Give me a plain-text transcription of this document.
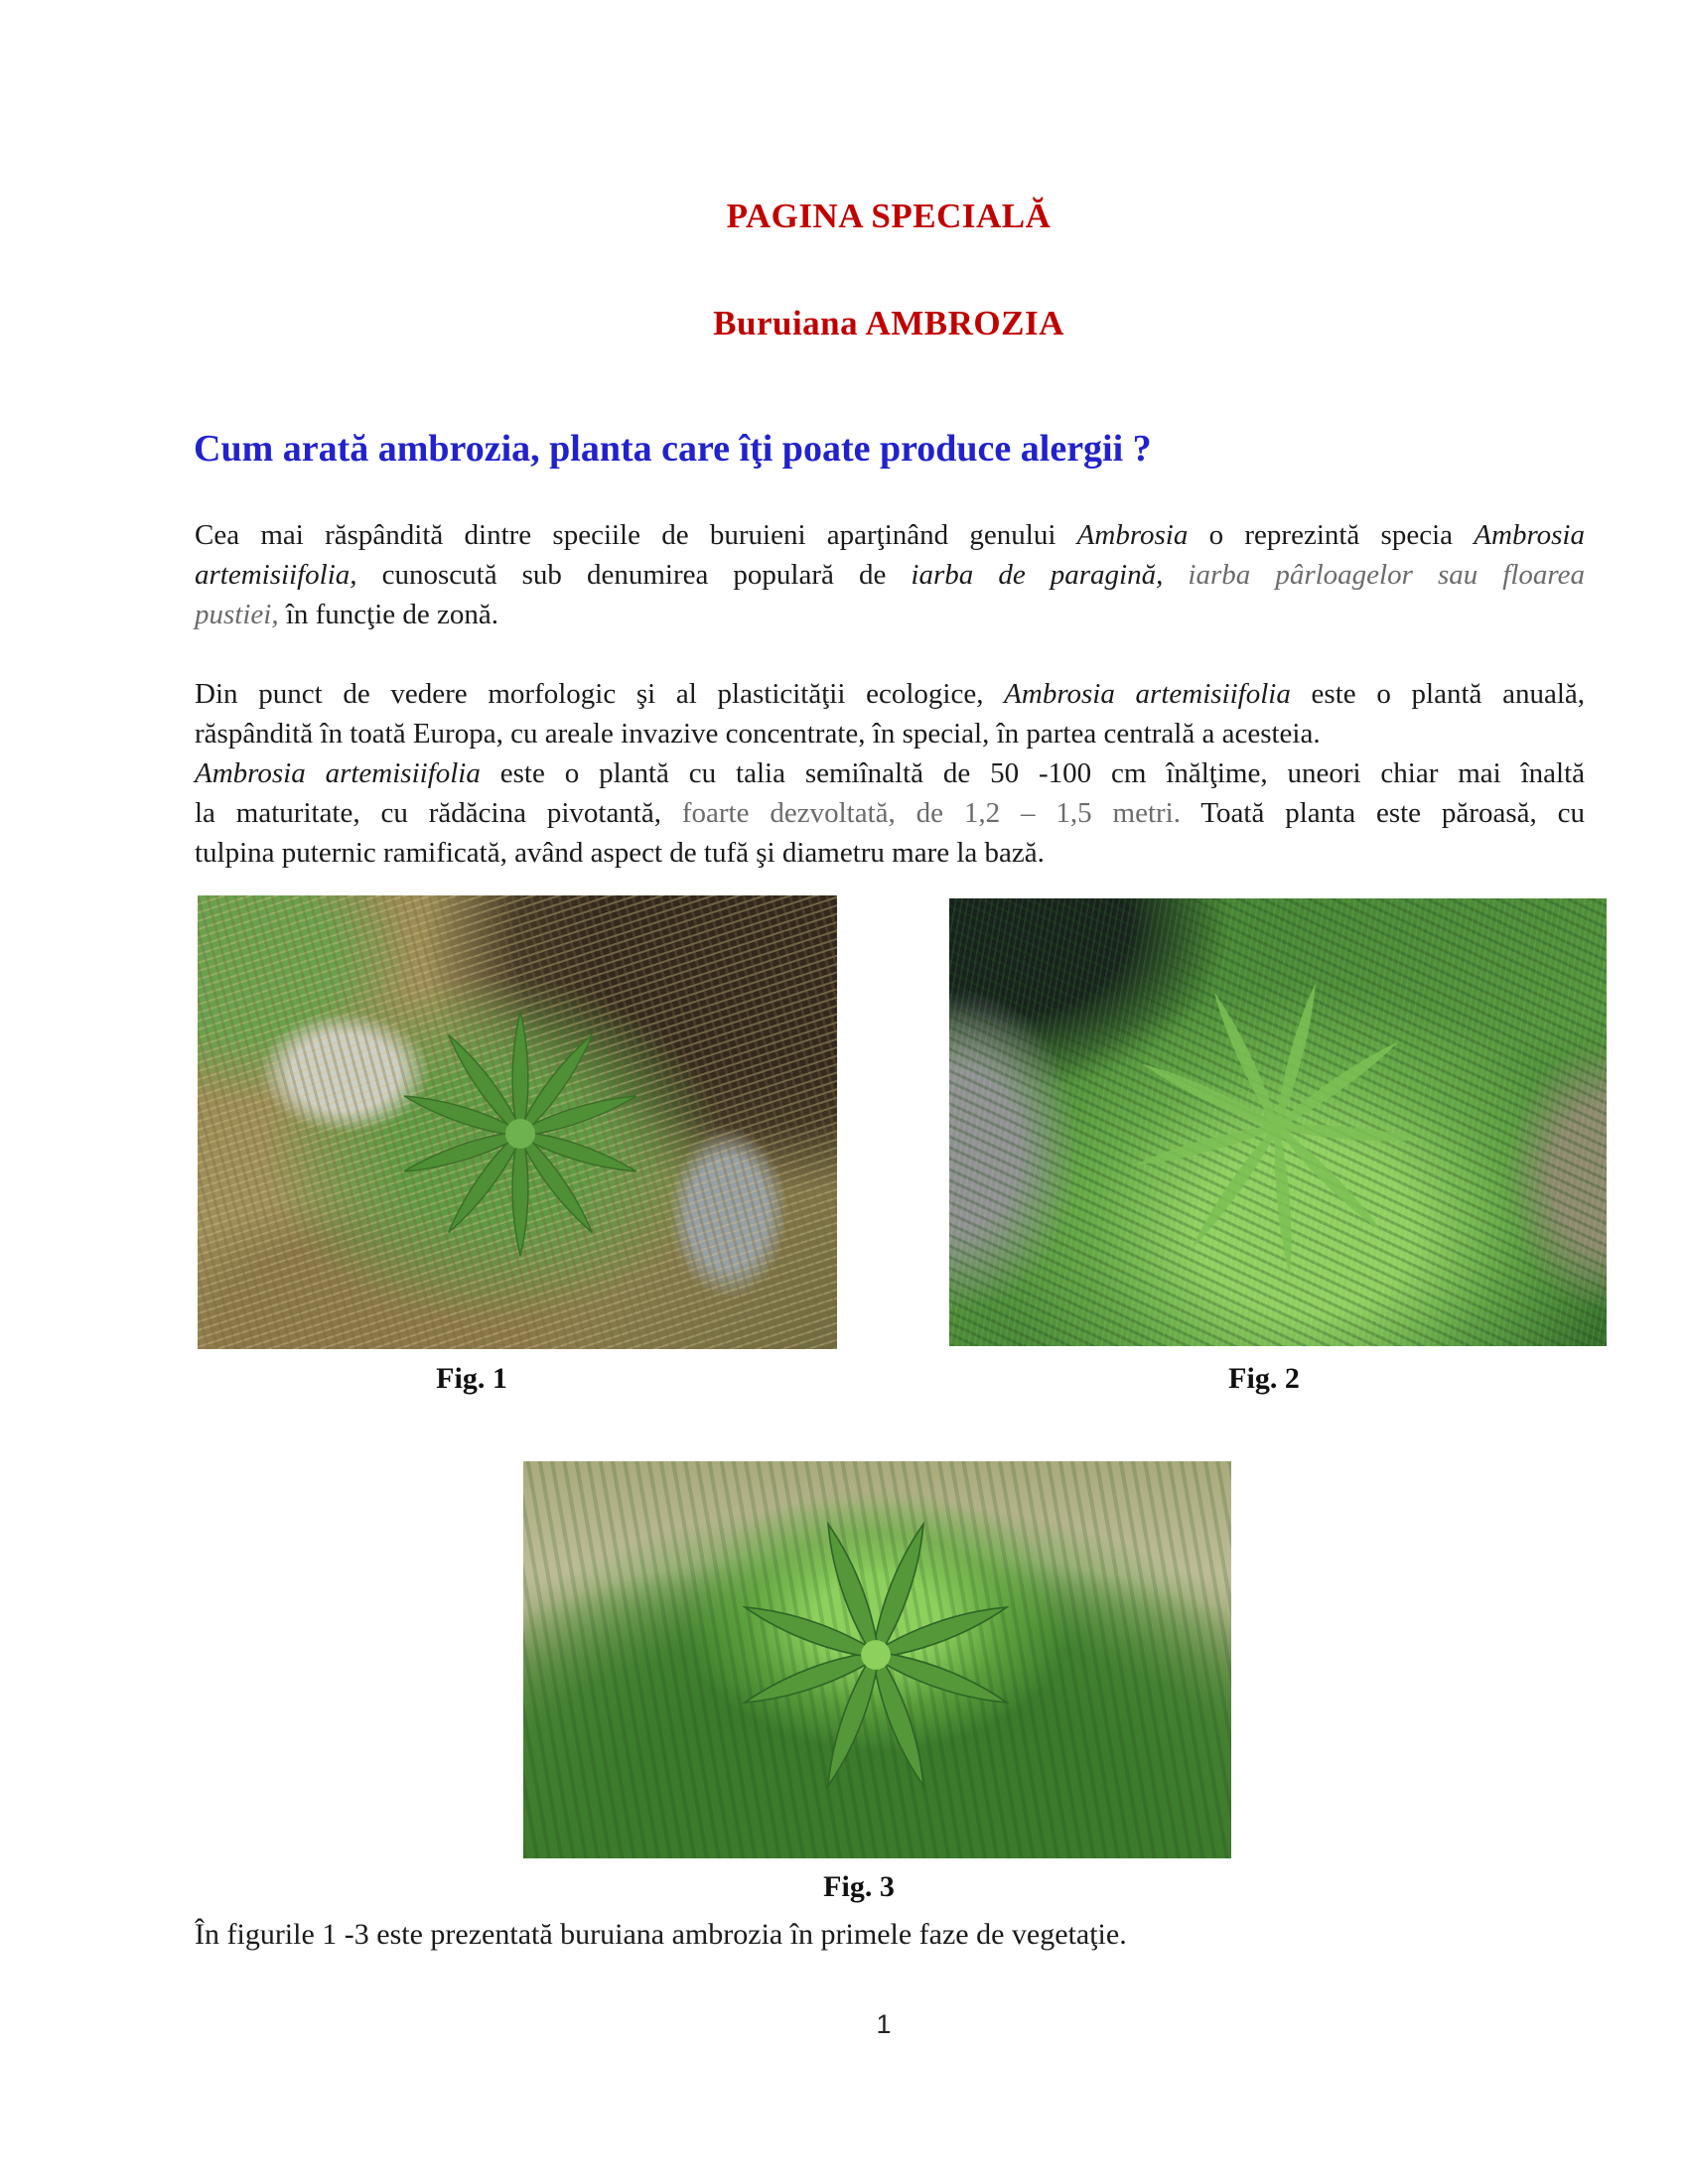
PAGINA SPECIALĂ
Buruiana AMBROZIA
Cum arată ambrozia, planta care îţi poate produce alergii ?
Cea mai răspândită dintre speciile de buruieni aparţinând genului Ambrosia o reprezintă specia Ambrosia
artemisiifolia, cunoscută sub denumirea populară de iarba de paragină, iarba pârloagelor sau floarea
pustiei, în funcţie de zonă.
Din punct de vedere morfologic şi al plasticităţii ecologice, Ambrosia artemisiifolia este o plantă anuală,
răspândită în toată Europa, cu areale invazive concentrate, în special, în partea centrală a acesteia.
Ambrosia artemisiifolia este o plantă cu talia semiînaltă de 50 -100 cm înălţime, uneori chiar mai înaltă
la maturitate, cu rădăcina pivotantă, foarte dezvoltată, de 1,2 – 1,5 metri. Toată planta este păroasă, cu
tulpina puternic ramificată, având aspect de tufă şi diametru mare la bază.
Fig. 1	Fig. 2
Fig. 3
În figurile 1 -3 este prezentată buruiana ambrozia în primele faze de vegetaţie.
1
